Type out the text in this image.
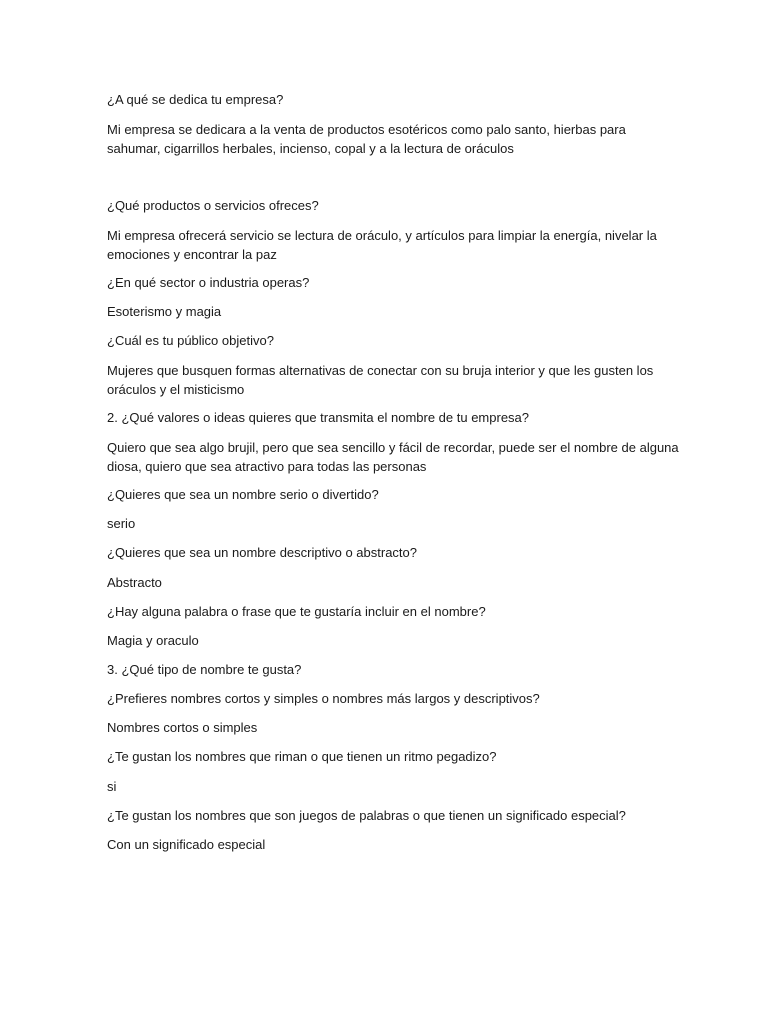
¿A qué se dedica tu empresa?
Mi empresa se dedicara a la venta de productos esotéricos como palo santo, hierbas para
sahumar, cigarrillos herbales, incienso, copal y a la lectura de oráculos
¿Qué productos o servicios ofreces?
Mi empresa ofrecerá servicio se lectura de oráculo, y artículos para limpiar la energía, nivelar la
emociones y encontrar la paz
¿En qué sector o industria operas?
Esoterismo y magia
¿Cuál es tu público objetivo?
Mujeres que busquen formas alternativas de conectar con su bruja interior y que les gusten los
oráculos y el misticismo
2. ¿Qué valores o ideas quieres que transmita el nombre de tu empresa?
Quiero que sea algo brujil, pero que sea sencillo y fácil de recordar, puede ser el nombre de alguna
diosa, quiero que sea atractivo para todas las personas
¿Quieres que sea un nombre serio o divertido?
serio
¿Quieres que sea un nombre descriptivo o abstracto?
Abstracto
¿Hay alguna palabra o frase que te gustaría incluir en el nombre?
Magia y oraculo
3. ¿Qué tipo de nombre te gusta?
¿Prefieres nombres cortos y simples o nombres más largos y descriptivos?
Nombres cortos o simples
¿Te gustan los nombres que riman o que tienen un ritmo pegadizo?
si
¿Te gustan los nombres que son juegos de palabras o que tienen un significado especial?
Con un significado especial
